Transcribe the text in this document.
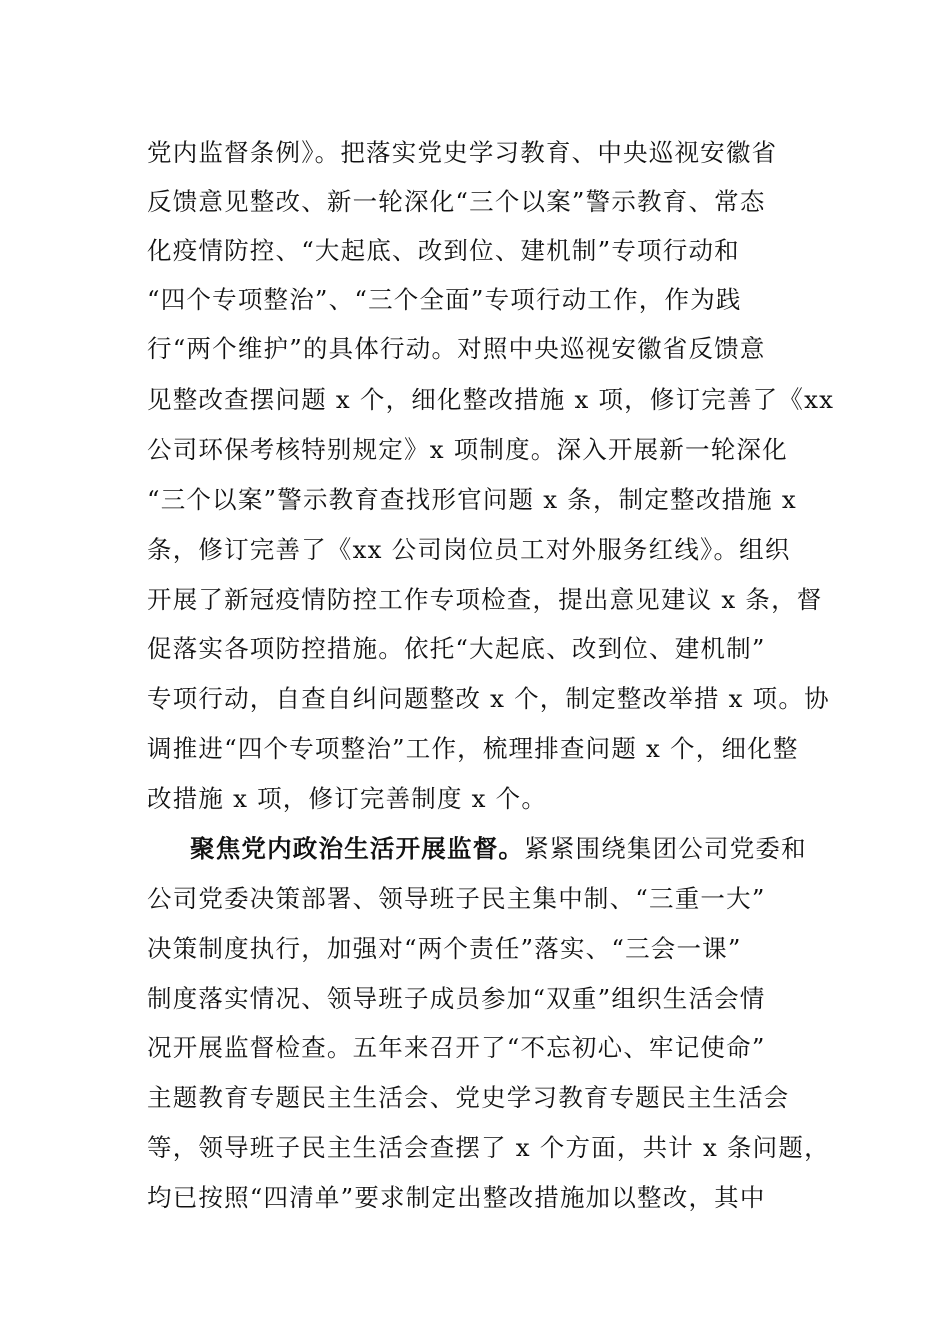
党内监督条例》。把落实党史学习教育、中央巡视安徽省
反馈意见整改、新一轮深化“三个以案”警示教育、常态
化疫情防控、“大起底、改到位、建机制”专项行动和
“四个专项整治”、“三个全面”专项行动工作，作为践
行“两个维护”的具体行动。对照中央巡视安徽省反馈意
见整改查摆问题 x 个，细化整改措施 x 项，修订完善了《xx
公司环保考核特别规定》x 项制度。深入开展新一轮深化
“三个以案”警示教育查找形官问题 x 条，制定整改措施 x
条，修订完善了《xx 公司岗位员工对外服务红线》。组织
开展了新冠疫情防控工作专项检查，提出意见建议 x 条，督
促落实各项防控措施。依托“大起底、改到位、建机制”
专项行动，自查自纠问题整改 x 个，制定整改举措 x 项。协
调推进“四个专项整治”工作，梳理排查问题 x 个，细化整
改措施 x 项，修订完善制度 x 个。
聚焦党内政治生活开展监督。紧紧围绕集团公司党委和
公司党委决策部署、领导班子民主集中制、“三重一大”
决策制度执行，加强对“两个责任”落实、“三会一课”
制度落实情况、领导班子成员参加“双重”组织生活会情
况开展监督检查。五年来召开了“不忘初心、牢记使命”
主题教育专题民主生活会、党史学习教育专题民主生活会
等，领导班子民主生活会查摆了 x 个方面，共计 x 条问题，
均已按照“四清单”要求制定出整改措施加以整改，其中
